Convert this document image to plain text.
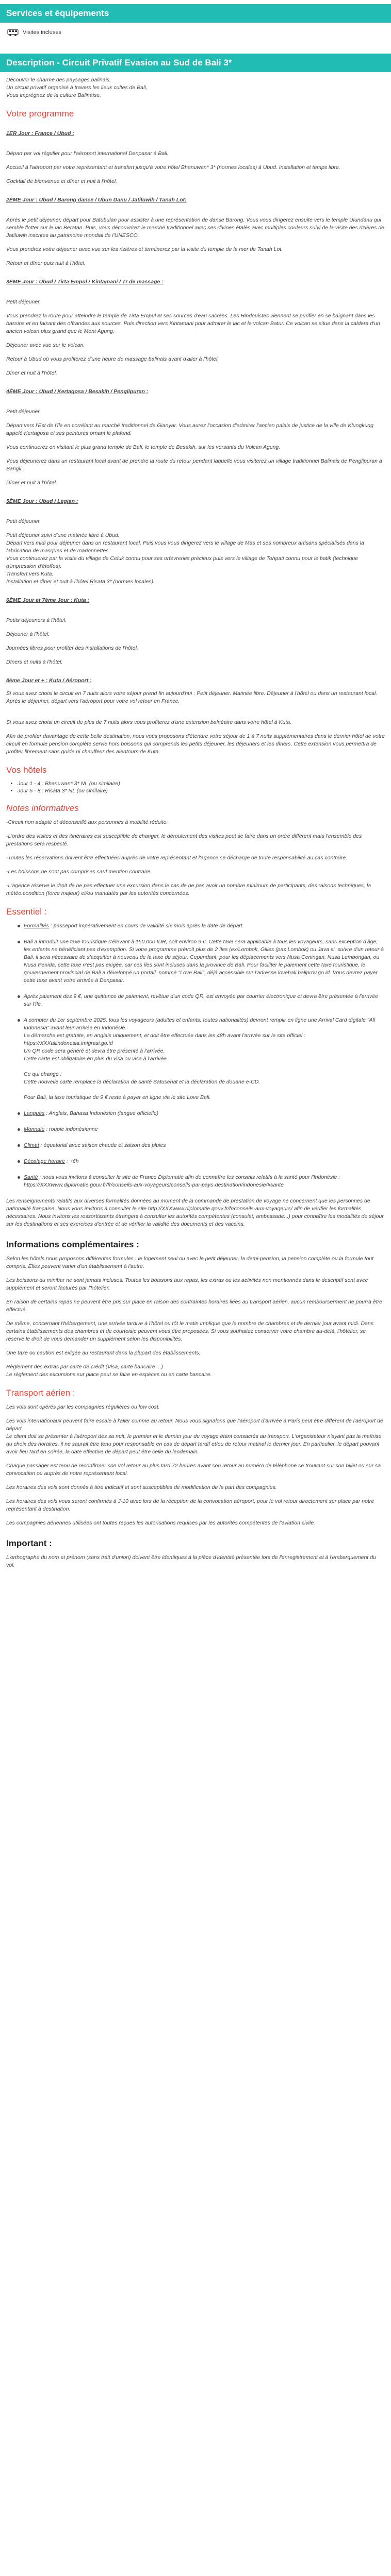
Services et équipements
Visites incluses
Description - Circuit Privatif Evasion au Sud de Bali 3*

Découvrir le charme des paysages balinais,
Un circuit privatif organisé à travers les lieux cultes de Bali,
Vous imprégnez de la culture Balinaise.

Votre programme
1ER Jour : France / Ubud :

Départ par vol régulier pour l'aéroport international Denpasar à Bali.

Accueil à l'aéroport par votre représentant et transfert jusqu'à votre hôtel Bhanuwan* 3* (normes locales) à Ubud. Installation et temps libre.

Cocktail de bienvenue et dîner et nuit à l'hôtel.

2ÈME Jour : Ubud / Barong dance / Ubun Danu / Jatiluwih / Tanah Lot:

Après le petit déjeuner, départ pour Batubulan pour assister à une représentation de danse Barong. Vous vous dirigerez ensuite vers le temple Ulundanu qui semble flotter sur le lac Beratan. Puis, vous découvrirez le marché traditionnel avec ses divines étalés avec multiples couleurs suivi de la visite des rizières de Jatiluwih inscrites au patrimoine mondial de l'UNESCO.

Vous prendrez votre déjeuner avec vue sur les rizières et terminerez par la visite du temple de la mer de Tanah Lot.

Retour et dîner puis nuit à l'hôtel.

3ÈME Jour : Ubud / Tirta Empul / Kintamani / Tr de massage :

Petit déjeuner.

Vous prendrez la route pour atteindre le temple de Tirta Empul et ses sources d'eau sacrées. Les Hindouistes viennent se purifier en se baignant dans les bassins et en faisant des offrandes aux sources. Puis direction vers Kintamani pour admirer le lac et le volcan Batur. Ce volcan se situe dans la caldera d'un ancien volcan plus grand que le Mont Agung.

Déjeuner avec vue sur le volcan.

Retour à Ubud où vous profiterez d'une heure de massage balinais avant d'aller à l'hôtel.

Dîner et nuit à l'hôtel.

4ÈME Jour : Ubud / Kertagosa / Besakih / Penglipuran :

Petit déjeuner.

Départ vers l'Est de l'île en corrélant au marché traditionnel de Gianyar. Vous aurez l'occasion d'admirer l'ancien palais de justice de la ville de Klungkung appelé Kertagosa et ses peintures ornant le plafond.

Vous continuerez en visitant le plus grand temple de Bali, le temple de Besakih, sur les versants du Volcan Agung.

Vous déjeunerez dans un restaurant local avant de prendre la route du retour pendant laquelle vous visiterez un village traditionnel Balinais de Penglipuran à Bangli.

Dîner et nuit à l'hôtel.

5ÈME Jour : Ubud / Legian :

Petit déjeuner.

Petit déjeuner suivi d'une matinée libre à Ubud.
Départ vers midi pour déjeuner dans un restaurant local. Puis vous vous dirigerez vers le village de Mas et ses nombreux artisans spécialisés dans la fabrication de masques et de marionnettes.
Vous continuerez par la visite du village de Celuk connu pour ses orfèvreries précieux puis vers le village de Tohpati connu pour le batik (technique d'impression d'étoffes).
Transfert vers Kuta.
Installation et dîner et nuit à l'hôtel Risata 3* (normes locales).

6ÈME Jour et 7ème Jour : Kuta :

Petits déjeuners à l'hôtel.

Déjeuner à l'hôtel.

Journées libres pour profiter des installations de l'hôtel.

Dîners et nuits à l'hôtel.

8ème Jour et + : Kuta / Aéroport :

Si vous avez choisi le circuit en 7 nuits alors votre séjour prend fin aujourd'hui : Petit déjeuner. Matinée libre. Déjeuner à l'hôtel ou dans un restaurant local. Après le déjeuner, départ vers l'aéroport pour votre vol retour en France.

Si vous avez choisi un circuit de plus de 7 nuits alors vous profiterez d'une extension balnéaire dans votre hôtel à Kuta.

Afin de profiter davantage de cette belle destination, nous vous proposons d'étendre votre séjour de 1 à 7 nuits supplémentaires dans le dernier hôtel de votre circuit en formule pension complète servie hors boissons qui comprends les petits déjeuner, les déjeuners et les dîners. Cette extension vous permettra de profiter librement sans guide ni chauffeur des alentours de Kuta.

Vos hôtels
• Jour 1 - 4 : Bhanuwan* 3* NL (ou similaire)
• Jour 5 - 8 : Risata 3* NL (ou similaire)
Notes informatives

-Circuit non adapté et déconseillé aux personnes à mobilité réduite.

-L'ordre des visites et des itinéraires est susceptible de changer, le déroulement des visites peut se faire dans un ordre différent mais l'ensemble des prestations sera respecté.

-Toutes les réservations doivent être effectuées auprès de votre représentant et l'agence se décharge de toute responsabilité au cas contraire.

-Les boissons ne sont pas comprises sauf mention contraire.

-L'agence réserve le droit de ne pas effectuer une excursion dans le cas de ne pas avoir un nombre minimum de participants, des raisons techniques, la météo.condition (force majeur) et/ou mandatés par les autorités concernées.

Essentiel :
Formalités : passeport impérativement en cours de validité six mois après la date de départ.
Bali a introduit une taxe touristique s'élevant à 150.000 IDR, soit environ 9 €. Cette taxe sera applicable à tous les voyageurs, sans exception d'âge, les enfants ne bénéficiant pas d'exemption. Si votre programme prévoit plus de 2 îles (ex/Lombok, Gilles (pas Lombok) ou Java si, suivre d'un retour à Bali, il sera nécessaire de s'acquitter à nouveau de la taxe de séjour. Cependant, pour les déplacements vers Nusa Ceningan, Nusa Lembongan, ou Nusa Penida, cette taxe n'est pas exigée, car ces îles sont incluses dans la province de Bali. Pour faciliter le paiement cette taxe touristique, le gouvernement provincial de Bali a développé un portail, nommé "Love Bali", déjà accessible sur l'adresse lovebali.baliprov.go.id. Vous devrez payer cette taxe avant votre arrivée à Denpasar.
Après paiement des 9 €, une quittance de paiement, revêtue d'un code QR, est envoyée par courrier électronique et devra être présentée à l'arrivée sur l'île.
A compter du 1er septembre 2025, tous les voyageurs (adultes et enfants, toutes nationalités) devront remplir en ligne une Arrival Card digitale "All Indonesia" avant leur arrivée en Indonésie.
La démarche est gratuite, en anglais uniquement, et doit être effectuée dans les 48h avant l'arrivée sur le site officiel : https://XXXallindonesia.imigrasi.go.id
Un QR code sera généré et devra être présenté à l'arrivée.
Cette carte est obligatoire en plus du visa ou visa à l'arrivée.

Ce qui change :
Cette nouvelle carte remplace la déclaration de santé Satusehat et la déclaration de douane e-CD.

Pour Bali, la taxe touristique de 9 € reste à payer en ligne via le site Love Bali.
Langues : Anglais, Bahasa Indonésien (langue officielle)
Monnaie : roupie indonésienne
Climat : équatorial avec saison chaude et saison des pluies
Décalage horaire : +6h
Santé : nous vous invitons à consulter le site de France Diplomatie afin de connaître les conseils relatifs à la santé pour l'Indonésie : https://XXXwww.diplomatie.gouv.fr/fr/conseils-aux-voyageurs/conseils-par-pays-destination/indonesie/#sante

Les renseignements relatifs aux diverses formalités données au moment de la commande de prestation de voyage ne concernent que les personnes de nationalité française. Nous vous invitons à consulter le site http://XXXwww.diplomatie.gouv.fr/fr/conseils-aux-voyageurs/ afin de vérifier les formalités nécessaires. Nous invitons les ressortissants étrangers à consulter les autorités compétentes (consulat, ambassade...) pour connaître les modalités de séjour sur les destinations et ses exercices d'entrée et de vérifier la validité des documents et des vaccins.

Informations complémentaires :

Selon les hôtels nous proposons différentes formules : le logement seul ou avec le petit déjeuner, la demi-pension, la pension complète ou la formule tout compris. Elles peuvent varier d'un établissement à l'autre.

Les boissons du minibar ne sont jamais incluses. Toutes les boissons aux repas, les extras ou les activités non mentionnés dans le descriptif sont avec supplément et seront facturés par l'hôtelier.

En raison de certains repas ne peuvent être pris sur place en raison des contraintes horaires liées au transport aérien, aucun rembourserment ne pourra être effectué.

De même, concernant l'hébergement, une arrivée tardive à l'hôtel ou tôt le matin implique que le nombre de chambres et de dernier jour avant midi. Dans certains établissements des chambres et de courtoisie peuvent vous être proposées. Si vous souhaitez conserver votre chambre au-delà, l'hôtelier, se réserve le droit de vous demander un supplément selon les disponibilités.

Une taxe ou caution est exigée au restaurant dans la plupart des établissements.

Règlement des extras par carte de crédit (Visa, carte bancaire ...)
Le règlement des excursions sur place peut se faire en espèces ou en carte bancaire.

Transport aérien :

Les vols sont opérés par les compagnies régulières ou low cost.

Les vols internationaux peuvent faire escale à l'aller comme au retour. Nous vous signalons que l'aéroport d'arrivée à Paris peut être différent de l'aéroport de départ.
Le client doit se présenter à l'aéroport dès sa nuit, le premier et le dernier jour du voyage étant consacrés au transport. L'organisateur n'ayant pas la maîtrise du choix des horaires, il ne saurait être tenu pour responsable en cas de départ tardif et/ou de retour matinal le dernier jour. En particulier, le départ pouvant avoir lieu tard en soirée, la date effective de départ peut être celle du lendemain.

Chaque passager est tenu de reconfirmer son vol retour au plus tard 72 heures avant son retour au numéro de téléphone se trouvant sur son billet ou sur sa convocation ou auprès de notre représentant local.

Les horaires des vols sont donnés à titre indicatif et sont susceptibles de modification de la part des compagnies.

Les horaires des vols vous seront confirmés à J-10 avec lors de la réception de la convocation aéroport, pour le vol retour directement sur place par notre représentant à destination.

Les compagnies aériennes utilisées ont toutes reçues les autorisations requises par les autorités compétentes de l'aviation civile.

Important :

L'orthographe du nom et prénom (sans trait d'union) doivent être identiques à la pièce d'identité présentée lors de l'enregistrement et à l'embarquement du vol.
